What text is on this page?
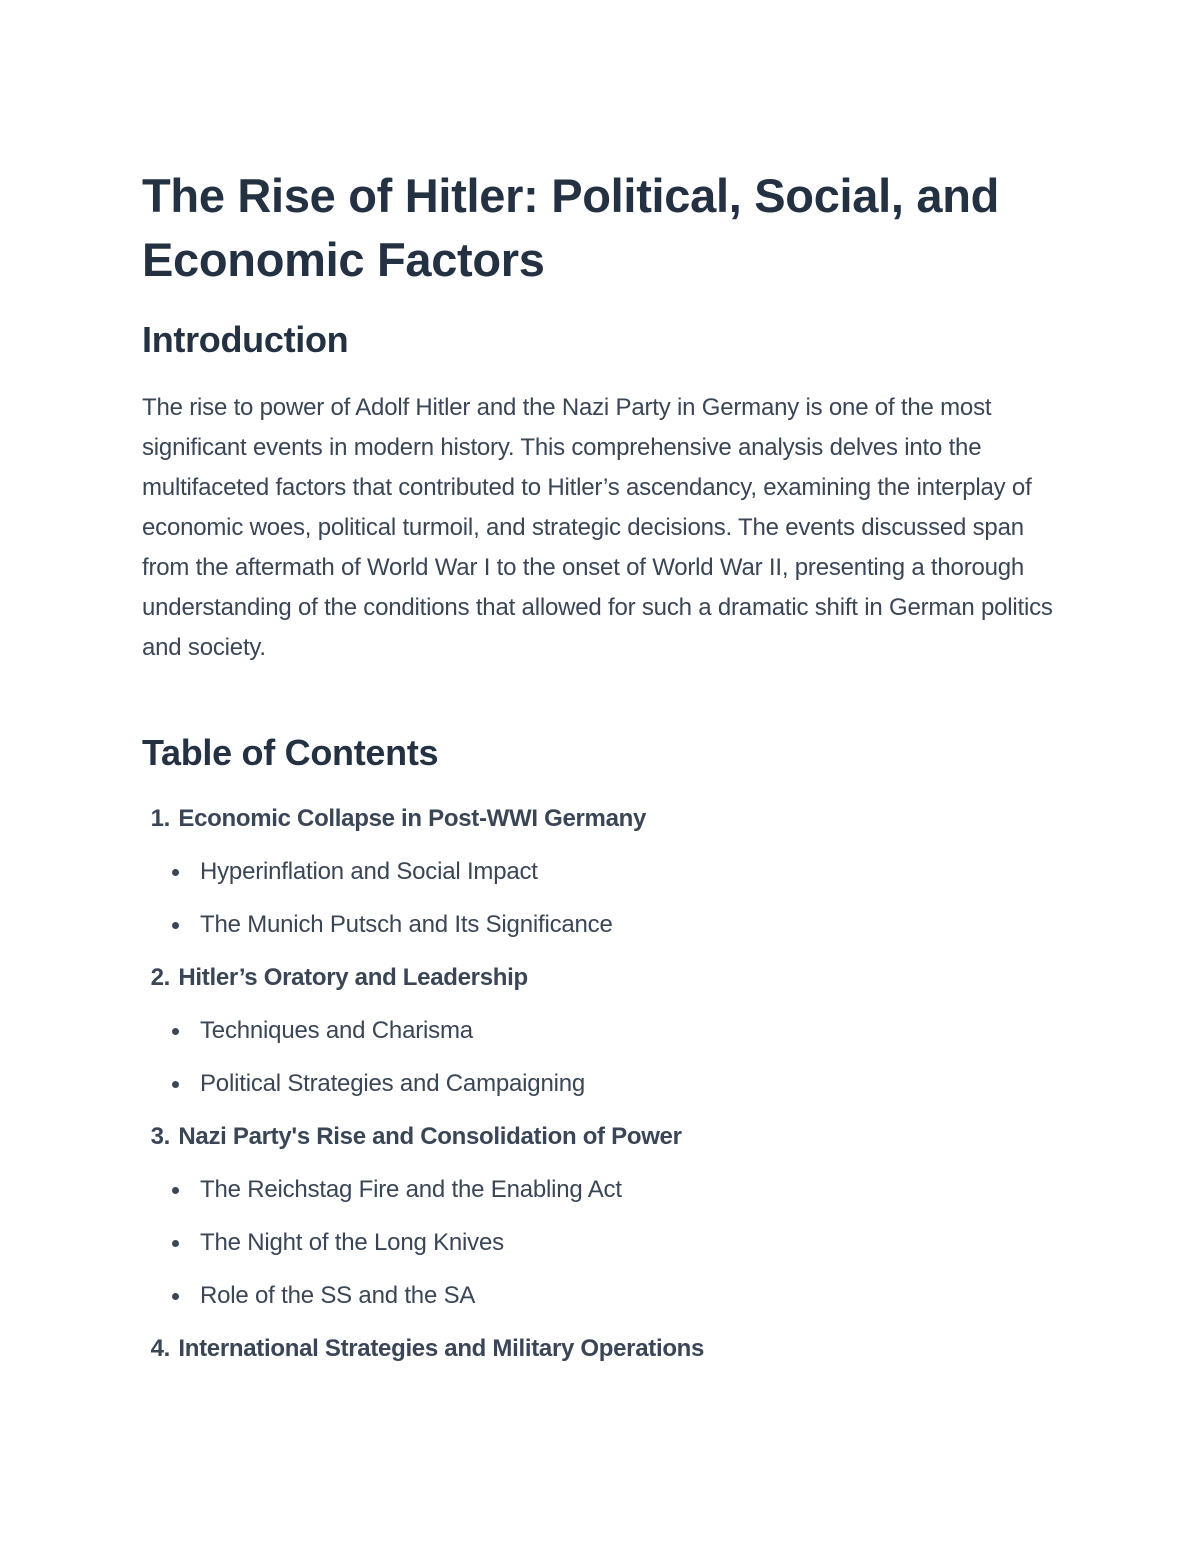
The Rise of Hitler: Political, Social, and Economic Factors
Introduction

The rise to power of Adolf Hitler and the Nazi Party in Germany is one of the most significant events in modern history. This comprehensive analysis delves into the multifaceted factors that contributed to Hitler’s ascendancy, examining the interplay of economic woes, political turmoil, and strategic decisions. The events discussed span from the aftermath of World War I to the onset of World War II, presenting a thorough understanding of the conditions that allowed for such a dramatic shift in German politics and society.

Table of Contents
1. Economic Collapse in Post-WWI Germany
Hyperinflation and Social Impact
The Munich Putsch and Its Significance
2. Hitler’s Oratory and Leadership
Techniques and Charisma
Political Strategies and Campaigning
3. Nazi Party's Rise and Consolidation of Power
The Reichstag Fire and the Enabling Act
The Night of the Long Knives
Role of the SS and the SA
4. International Strategies and Military Operations
